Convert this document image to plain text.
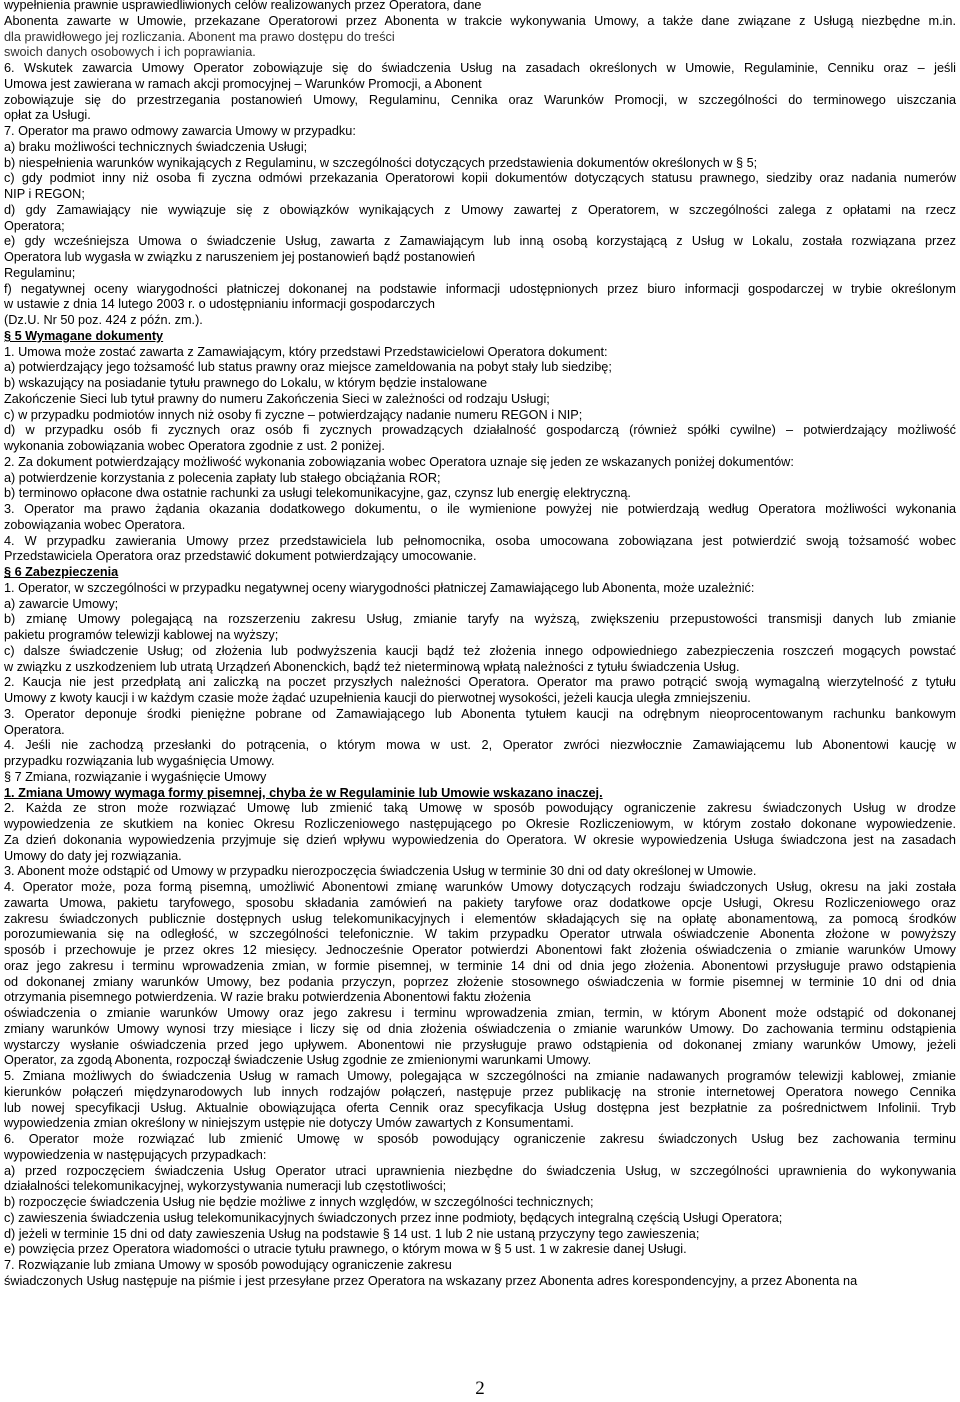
wypełnienia prawnie usprawiedliwionych celów realizowanych przez Operatora, dane

Abonenta zawarte w Umowie, przekazane Operatorowi przez Abonenta w trakcie wykonywania Umowy, a także dane związane z Usługą niezbędne m.in.

dla prawidłowego jej rozliczania. Abonent ma prawo dostępu do treści

swoich danych osobowych i ich poprawiania.

6. Wskutek zawarcia Umowy Operator zobowiązuje się do świadczenia Usług na zasadach określonych w Umowie, Regulaminie, Cenniku oraz – jeśli

Umowa jest zawierana w ramach akcji promocyjnej – Warunków Promocji, a Abonent

zobowiązuje się do przestrzegania postanowień Umowy, Regulaminu, Cennika oraz Warunków Promocji, w szczególności do terminowego uiszczania

opłat za Usługi.

7. Operator ma prawo odmowy zawarcia Umowy w przypadku:

a) braku możliwości technicznych świadczenia Usługi;

b) niespełnienia warunków wynikających z Regulaminu, w szczególności dotyczących przedstawienia dokumentów określonych w § 5;

c) gdy podmiot inny niż osoba fi zyczna odmówi przekazania Operatorowi kopii dokumentów dotyczących statusu prawnego, siedziby oraz nadania numerów

NIP i REGON;

d) gdy Zamawiający nie wywiązuje się z obowiązków wynikających z Umowy zawartej z Operatorem, w szczególności zalega z opłatami na rzecz

Operatora;

e) gdy wcześniejsza Umowa o świadczenie Usług, zawarta z Zamawiającym lub inną osobą korzystającą z Usług w Lokalu, została rozwiązana przez

Operatora lub wygasła w związku z naruszeniem jej postanowień bądź postanowień

Regulaminu;

f) negatywnej oceny wiarygodności płatniczej dokonanej na podstawie informacji udostępnionych przez biuro informacji gospodarczej w trybie określonym

w ustawie z dnia 14 lutego 2003 r. o udostępnianiu informacji gospodarczych

(Dz.U. Nr 50 poz. 424 z późn. zm.).

§ 5 Wymagane dokumenty

1. Umowa może zostać zawarta z Zamawiającym, który przedstawi Przedstawicielowi Operatora dokument:

a) potwierdzający jego tożsamość lub status prawny oraz miejsce zameldowania na pobyt stały lub siedzibę;

b) wskazujący na posiadanie tytułu prawnego do Lokalu, w którym będzie instalowane

Zakończenie Sieci lub tytuł prawny do numeru Zakończenia Sieci w zależności od rodzaju Usługi;

c) w przypadku podmiotów innych niż osoby fi zyczne – potwierdzający nadanie numeru REGON i NIP;

d) w przypadku osób fi zycznych oraz osób fi zycznych prowadzących działalność gospodarczą (również spółki cywilne) – potwierdzający możliwość

wykonania zobowiązania wobec Operatora zgodnie z ust. 2 poniżej.

2. Za dokument potwierdzający możliwość wykonania zobowiązania wobec Operatora uznaje się jeden ze wskazanych poniżej dokumentów:

a) potwierdzenie korzystania z polecenia zapłaty lub stałego obciążania ROR;

b) terminowo opłacone dwa ostatnie rachunki za usługi telekomunikacyjne, gaz, czynsz lub energię elektryczną.

3. Operator ma prawo żądania okazania dodatkowego dokumentu, o ile wymienione powyżej nie potwierdzają według Operatora możliwości wykonania

zobowiązania wobec Operatora.

4. W przypadku zawierania Umowy przez przedstawiciela lub pełnomocnika, osoba umocowana zobowiązana jest potwierdzić swoją tożsamość wobec

Przedstawiciela Operatora oraz przedstawić dokument potwierdzający umocowanie.

§ 6 Zabezpieczenia

1. Operator, w szczególności w przypadku negatywnej oceny wiarygodności płatniczej Zamawiającego lub Abonenta, może uzależnić:

a) zawarcie Umowy;

b) zmianę Umowy polegającą na rozszerzeniu zakresu Usług, zmianie taryfy na wyższą, zwiększeniu przepustowości transmisji danych lub zmianie

pakietu programów telewizji kablowej na wyższy;

c) dalsze świadczenie Usług; od złożenia lub podwyższenia kaucji bądź też złożenia innego odpowiedniego zabezpieczenia roszczeń mogących powstać

w związku z uszkodzeniem lub utratą Urządzeń Abonenckich, bądź też nieterminową wpłatą należności z tytułu świadczenia Usług.

2. Kaucja nie jest przedpłatą ani zaliczką na poczet przyszłych należności Operatora. Operator ma prawo potrącić swoją wymagalną wierzytelność z tytułu

Umowy z kwoty kaucji i w każdym czasie może żądać uzupełnienia kaucji do pierwotnej wysokości, jeżeli kaucja uległa zmniejszeniu.

3. Operator deponuje środki pieniężne pobrane od Zamawiającego lub Abonenta tytułem kaucji na odrębnym nieoprocentowanym rachunku bankowym

Operatora.

4. Jeśli nie zachodzą przesłanki do potrącenia, o którym mowa w ust. 2, Operator zwróci niezwłocznie Zamawiającemu lub Abonentowi kaucję w

przypadku rozwiązania lub wygaśnięcia Umowy.

§ 7 Zmiana, rozwiązanie i wygaśnięcie Umowy

1. Zmiana Umowy wymaga formy pisemnej, chyba że w Regulaminie lub Umowie wskazano inaczej.

2. Każda ze stron może rozwiązać Umowę lub zmienić taką Umowę w sposób powodujący ograniczenie zakresu świadczonych Usług w drodze

wypowiedzenia ze skutkiem na koniec Okresu Rozliczeniowego następującego po Okresie Rozliczeniowym, w którym zostało dokonane wypowiedzenie.

Za dzień dokonania wypowiedzenia przyjmuje się dzień wpływu wypowiedzenia do Operatora. W okresie wypowiedzenia Usługa świadczona jest na zasadach

Umowy do daty jej rozwiązania.

3. Abonent może odstąpić od Umowy w przypadku nierozpoczęcia świadczenia Usług w terminie 30 dni od daty określonej w Umowie.

4. Operator może, poza formą pisemną, umożliwić Abonentowi zmianę warunków Umowy dotyczących rodzaju świadczonych Usług, okresu na jaki została

zawarta Umowa, pakietu taryfowego, sposobu składania zamówień na pakiety taryfowe oraz dodatkowe opcje Usługi, Okresu Rozliczeniowego oraz

zakresu świadczonych publicznie dostępnych usług telekomunikacyjnych i elementów składających się na opłatę abonamentową, za pomocą środków

porozumiewania się na odległość, w szczególności telefonicznie. W takim przypadku Operator utrwala oświadczenie Abonenta złożone w powyższy

sposób i przechowuje je przez okres 12 miesięcy. Jednocześnie Operator potwierdzi Abonentowi fakt złożenia oświadczenia o zmianie warunków Umowy

oraz jego zakresu i terminu wprowadzenia zmian, w formie pisemnej, w terminie 14 dni od dnia jego złożenia. Abonentowi przysługuje prawo odstąpienia

od dokonanej zmiany warunków Umowy, bez podania przyczyn, poprzez złożenie stosownego oświadczenia w formie pisemnej w terminie 10 dni od dnia

otrzymania pisemnego potwierdzenia. W razie braku potwierdzenia Abonentowi faktu złożenia

oświadczenia o zmianie warunków Umowy oraz jego zakresu i terminu wprowadzenia zmian, termin, w którym Abonent może odstąpić od dokonanej

zmiany warunków Umowy wynosi trzy miesiące i liczy się od dnia złożenia oświadczenia o zmianie warunków Umowy. Do zachowania terminu odstąpienia

wystarczy wysłanie oświadczenia przed jego upływem. Abonentowi nie przysługuje prawo odstąpienia od dokonanej zmiany warunków Umowy, jeżeli

Operator, za zgodą Abonenta, rozpoczął świadczenie Usług zgodnie ze zmienionymi warunkami Umowy.

5. Zmiana możliwych do świadczenia Usług w ramach Umowy, polegająca w szczególności na zmianie nadawanych programów telewizji kablowej, zmianie

kierunków połączeń międzynarodowych lub innych rodzajów połączeń, następuje przez publikację na stronie internetowej Operatora nowego Cennika

lub nowej specyfikacji Usług. Aktualnie obowiązująca oferta Cennik oraz specyfikacja Usług dostępna jest bezpłatnie za pośrednictwem Infolinii. Tryb

wypowiedzenia zmian określony w niniejszym ustępie nie dotyczy Umów zawartych z Konsumentami.

6. Operator może rozwiązać lub zmienić Umowę w sposób powodujący ograniczenie zakresu świadczonych Usług bez zachowania terminu

wypowiedzenia w następujących przypadkach:

a) przed rozpoczęciem świadczenia Usług Operator utraci uprawnienia niezbędne do świadczenia Usług, w szczególności uprawnienia do wykonywania

działalności telekomunikacyjnej, wykorzystywania numeracji lub częstotliwości;

b) rozpoczęcie świadczenia Usług nie będzie możliwe z innych względów, w szczególności technicznych;

c) zawieszenia świadczenia usług telekomunikacyjnych świadczonych przez inne podmioty, będących integralną częścią Usługi Operatora;

d) jeżeli w terminie 15 dni od daty zawieszenia Usług na podstawie § 14 ust. 1 lub 2 nie ustaną przyczyny tego zawieszenia;

e) powzięcia przez Operatora wiadomości o utracie tytułu prawnego, o którym mowa w § 5 ust. 1 w zakresie danej Usługi.

7. Rozwiązanie lub zmiana Umowy w sposób powodujący ograniczenie zakresu

świadczonych Usług następuje na piśmie i jest przesyłane przez Operatora na wskazany przez Abonenta adres korespondencyjny, a przez Abonenta na

2
